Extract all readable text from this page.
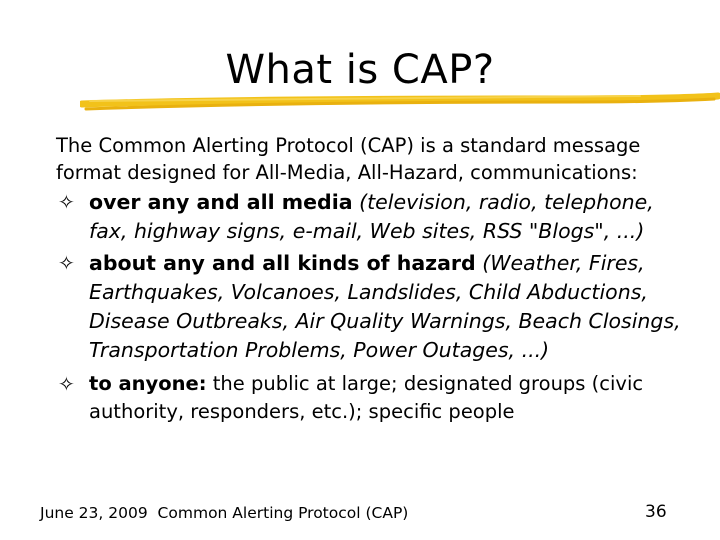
What is CAP?

The Common Alerting Protocol (CAP) is a standard message format designed for All-Media, All-Hazard, communications:

✧ over any and all media (television, radio, telephone, fax, highway signs, e-mail, Web sites, RSS "Blogs", ...)

✧ about any and all kinds of hazard (Weather, Fires, Earthquakes, Volcanoes, Landslides, Child Abductions, Disease Outbreaks, Air Quality Warnings, Beach Closings, Transportation Problems, Power Outages, ...)

✧ to anyone: the public at large; designated groups (civic authority, responders, etc.); specific people

June 23, 2009  Common Alerting Protocol (CAP)	36
